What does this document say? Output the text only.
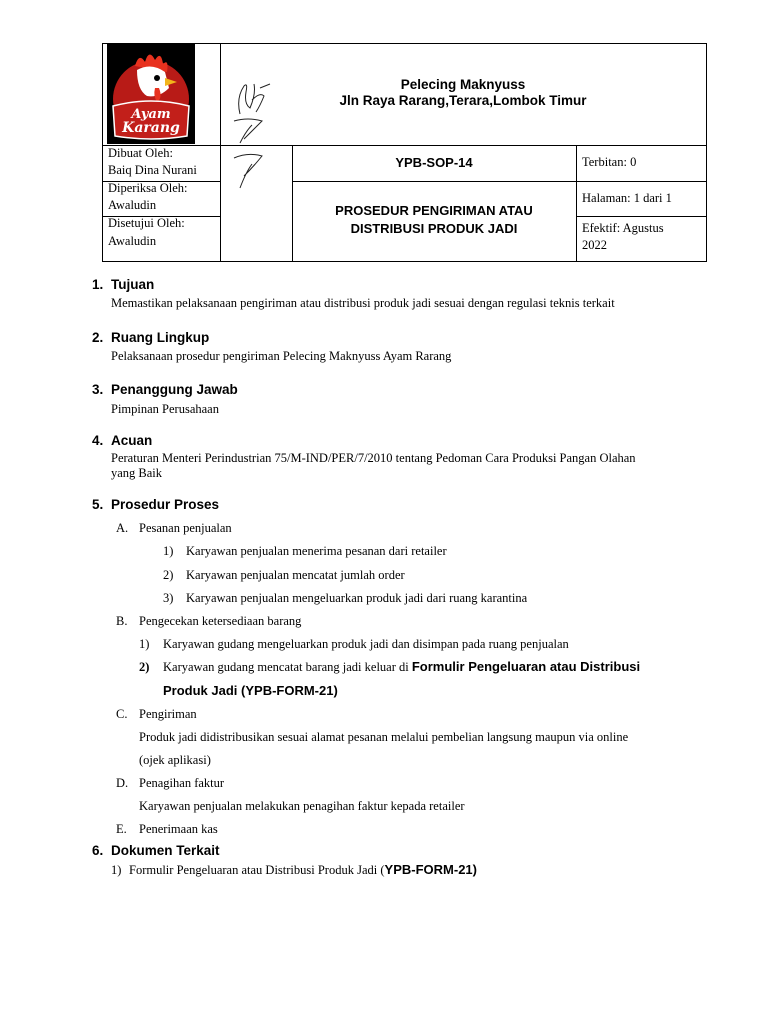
Ayam
Karang
Pelecing Maknyuss
Jln Raya Rarang,Terara,Lombok Timur
Dibuat Oleh:
Baiq Dina Nurani
Diperiksa Oleh:
Awaludin
Disetujui Oleh:
Awaludin
YPB-SOP-14
PROSEDUR PENGIRIMAN ATAU
DISTRIBUSI PRODUK JADI
Terbitan: 0
Halaman: 1 dari 1
Efektif: Agustus
2022
1. Tujuan
Memastikan pelaksanaan pengiriman atau distribusi produk jadi sesuai dengan regulasi teknis terkait
2. Ruang Lingkup
Pelaksanaan prosedur pengiriman Pelecing Maknyuss Ayam Rarang
3. Penanggung Jawab
Pimpinan Perusahaan
4. Acuan
Peraturan Menteri Perindustrian 75/M-IND/PER/7/2010 tentang Pedoman Cara Produksi Pangan Olahan
yang Baik
5. Prosedur Proses
A. Pesanan penjualan
1) Karyawan penjualan menerima pesanan dari retailer
2) Karyawan penjualan mencatat jumlah order
3) Karyawan penjualan mengeluarkan produk jadi dari ruang karantina
B. Pengecekan ketersediaan barang
1) Karyawan gudang mengeluarkan produk jadi dan disimpan pada ruang penjualan
2) Karyawan gudang mencatat barang jadi keluar di Formulir Pengeluaran atau Distribusi
Produk Jadi (YPB-FORM-21)
C. Pengiriman
Produk jadi didistribusikan sesuai alamat pesanan melalui pembelian langsung maupun via online
(ojek aplikasi)
D. Penagihan faktur
Karyawan penjualan melakukan penagihan faktur kepada retailer
E. Penerimaan kas
6. Dokumen Terkait
1) Formulir Pengeluaran atau Distribusi Produk Jadi (YPB-FORM-21)
